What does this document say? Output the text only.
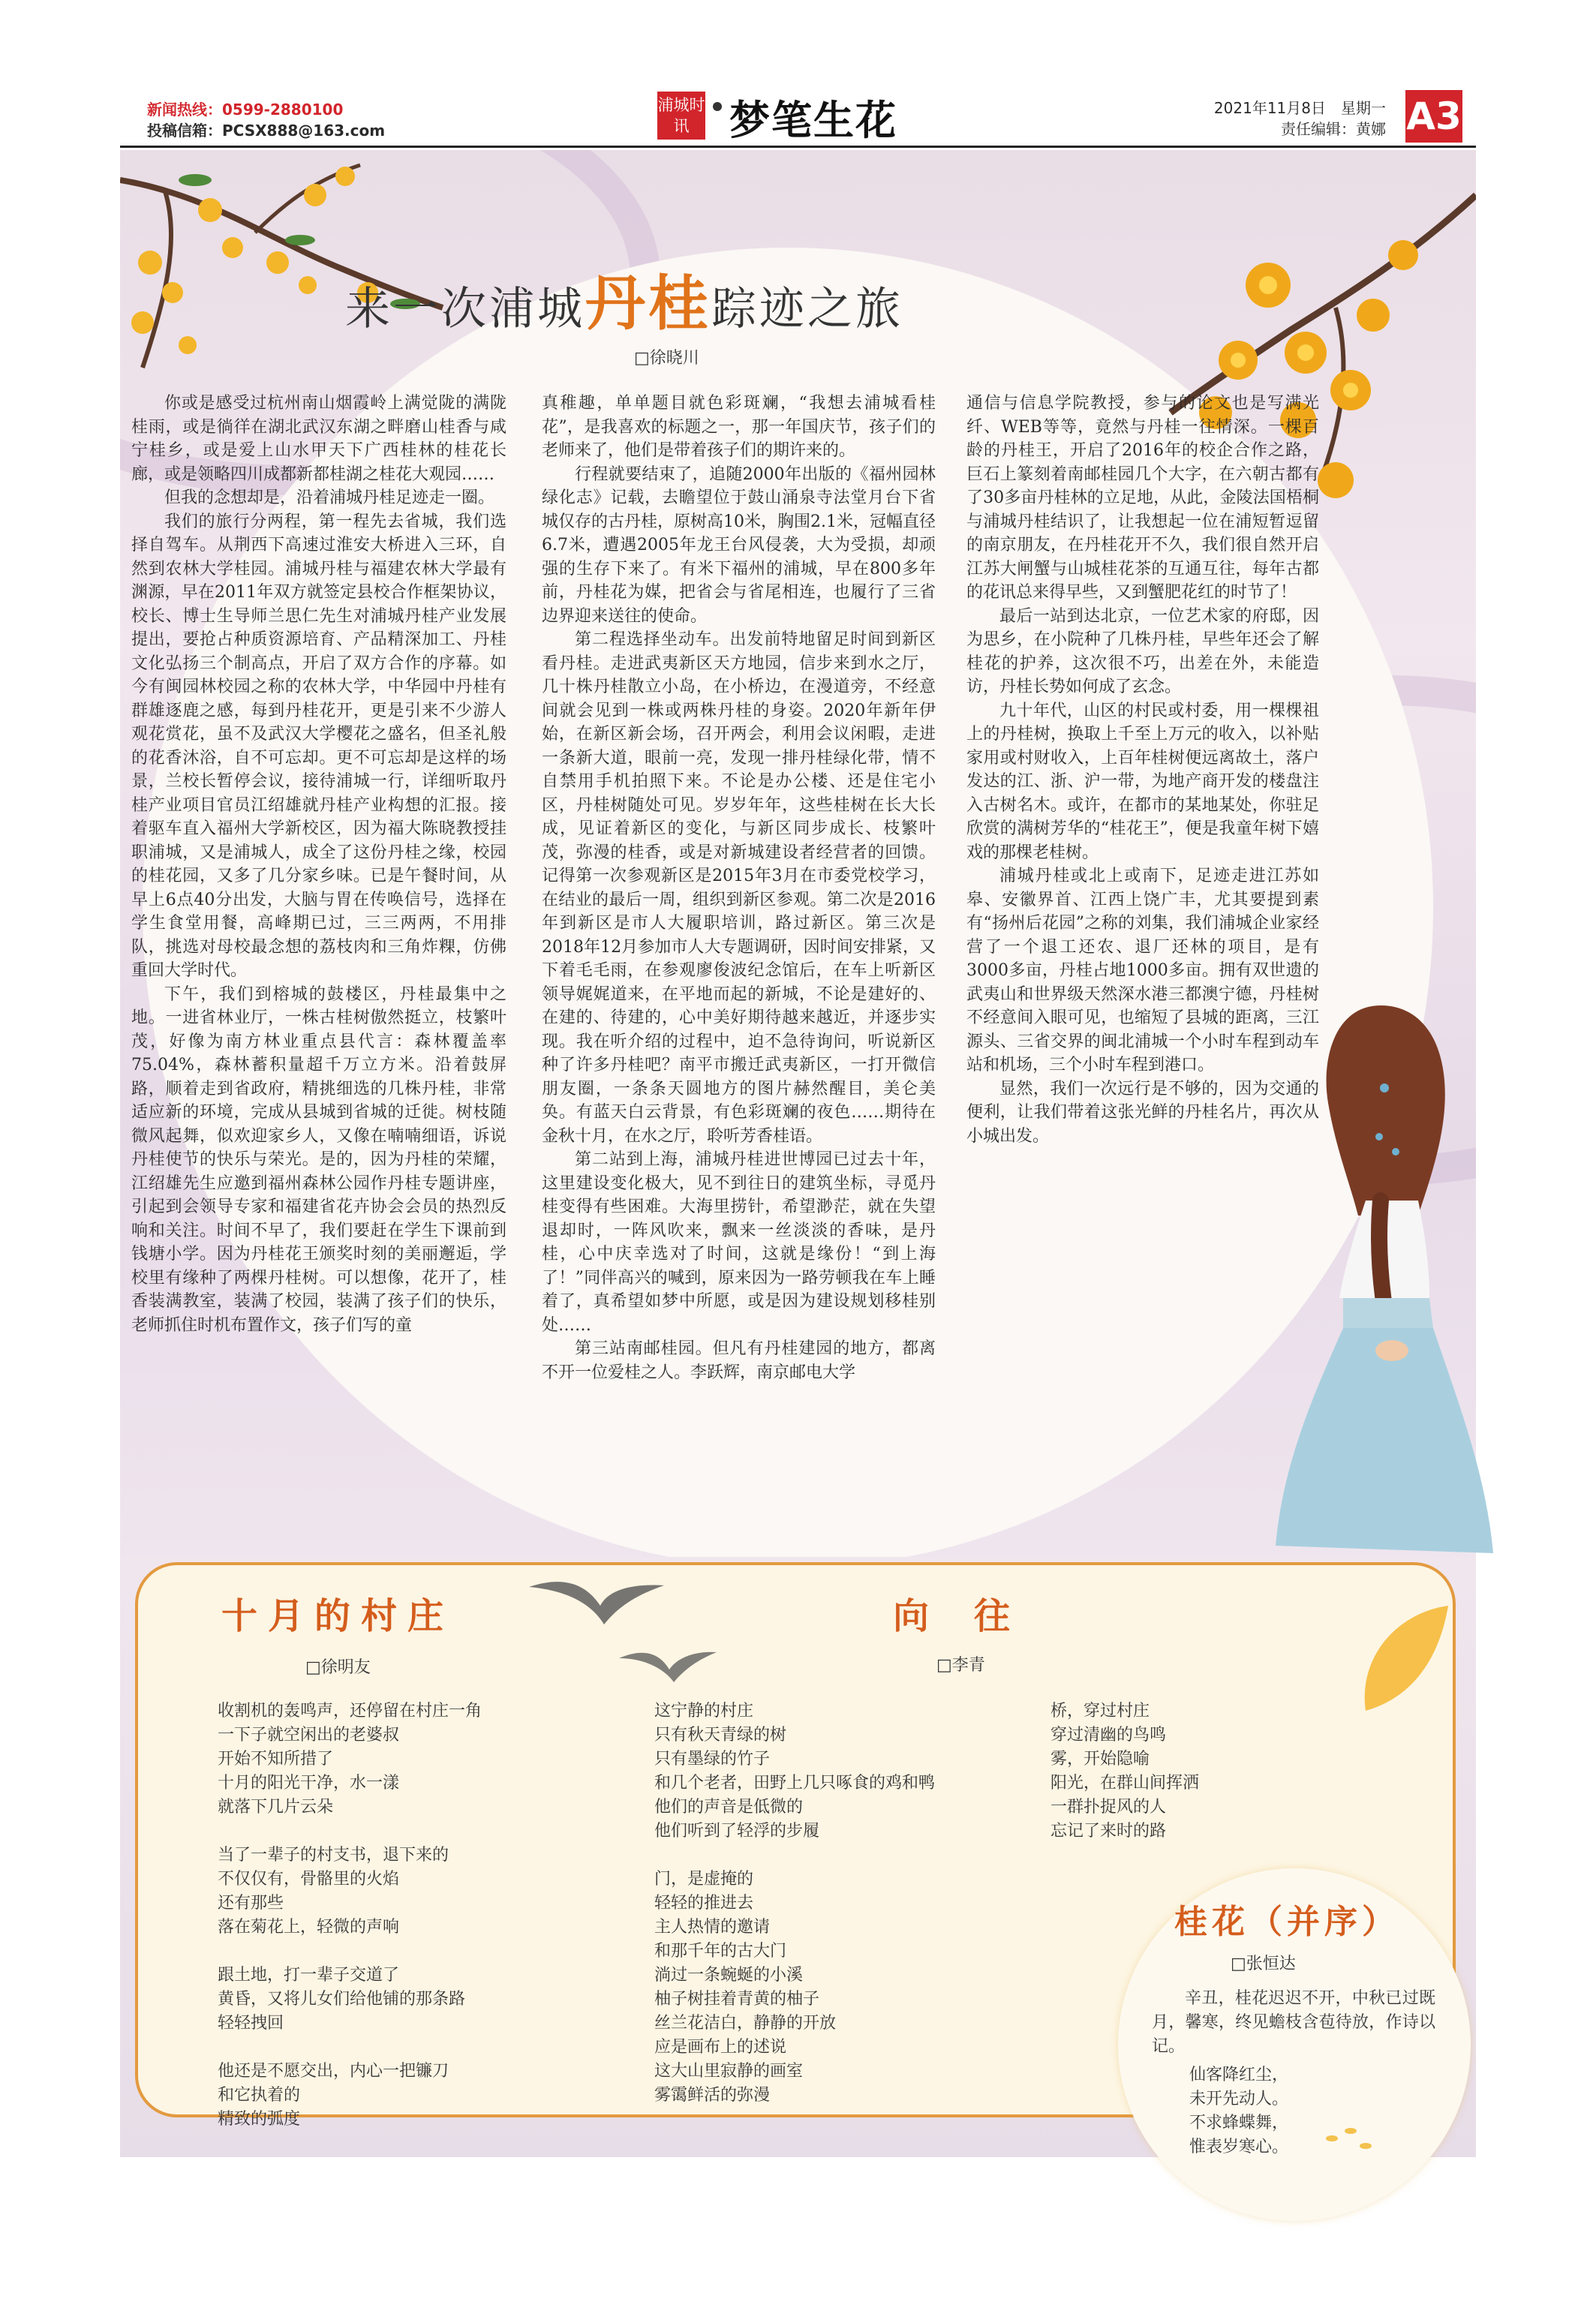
新闻热线：0599-2880100
投稿信箱：PCSX888@163.com
浦城时讯 梦笔生花	2021年11月8日　星期一
责任编辑：黄娜 A3
来一次浦城丹桂踪迹之旅
□徐晓川

你或是感受过杭州南山烟霞岭上满觉陇的满陇桂雨，或是徜徉在湖北武汉东湖之畔磨山桂香与咸宁桂乡，或是爱上山水甲天下广西桂林的桂花长廊，或是领略四川成都新都桂湖之桂花大观园……

但我的念想却是，沿着浦城丹桂足迹走一圈。

我们的旅行分两程，第一程先去省城，我们选择自驾车。从荆西下高速过淮安大桥进入三环，自然到农林大学桂园。浦城丹桂与福建农林大学最有渊源，早在2011年双方就签定县校合作框架协议，校长、博士生导师兰思仁先生对浦城丹桂产业发展提出，要抢占种质资源培育、产品精深加工、丹桂文化弘扬三个制高点，开启了双方合作的序幕。如今有闽园林校园之称的农林大学，中华园中丹桂有群雄逐鹿之感，每到丹桂花开，更是引来不少游人观花赏花，虽不及武汉大学樱花之盛名，但圣礼般的花香沐浴，自不可忘却。更不可忘却是这样的场景，兰校长暂停会议，接待浦城一行，详细听取丹桂产业项目官员江绍雄就丹桂产业构想的汇报。接着驱车直入福州大学新校区，因为福大陈晓教授挂职浦城，又是浦城人，成全了这份丹桂之缘，校园的桂花园，又多了几分家乡味。已是午餐时间，从早上6点40分出发，大脑与胃在传唤信号，选择在学生食堂用餐，高峰期已过，三三两两，不用排队，挑选对母校最念想的荔枝肉和三角炸粿，仿佛重回大学时代。

下午，我们到榕城的鼓楼区，丹桂最集中之地。一进省林业厅，一株古桂树傲然挺立，枝繁叶茂，好像为南方林业重点县代言：森林覆盖率75.04%，森林蓄积量超千万立方米。沿着鼓屏路，顺着走到省政府，精挑细选的几株丹桂，非常适应新的环境，完成从县城到省城的迁徙。树枝随微风起舞，似欢迎家乡人，又像在喃喃细语，诉说丹桂使节的快乐与荣光。是的，因为丹桂的荣耀，江绍雄先生应邀到福州森林公园作丹桂专题讲座，引起到会领导专家和福建省花卉协会会员的热烈反响和关注。时间不早了，我们要赶在学生下课前到钱塘小学。因为丹桂花王颁奖时刻的美丽邂逅，学校里有缘种了两棵丹桂树。可以想像，花开了，桂香装满教室，装满了校园，装满了孩子们的快乐，老师抓住时机布置作文，孩子们写的童

真稚趣，单单题目就色彩斑斓，“我想去浦城看桂花”，是我喜欢的标题之一，那一年国庆节，孩子们的老师来了，他们是带着孩子们的期许来的。

行程就要结束了，追随2000年出版的《福州园林绿化志》记载，去瞻望位于鼓山涌泉寺法堂月台下省城仅存的古丹桂，原树高10米，胸围2.1米，冠幅直径6.7米，遭遇2005年龙王台风侵袭，大为受损，却顽强的生存下来了。有米下福州的浦城，早在800多年前，丹桂花为媒，把省会与省尾相连，也履行了三省边界迎来送往的使命。

第二程选择坐动车。出发前特地留足时间到新区看丹桂。走进武夷新区天方地园，信步来到水之厅，几十株丹桂散立小岛，在小桥边，在漫道旁，不经意间就会见到一株或两株丹桂的身姿。2020年新年伊始，在新区新会场，召开两会，利用会议闲暇，走进一条新大道，眼前一亮，发现一排丹桂绿化带，情不自禁用手机拍照下来。不论是办公楼、还是住宅小区，丹桂树随处可见。岁岁年年，这些桂树在长大长成，见证着新区的变化，与新区同步成长、枝繁叶茂，弥漫的桂香，或是对新城建设者经营者的回馈。记得第一次参观新区是2015年3月在市委党校学习，在结业的最后一周，组织到新区参观。第二次是2016年到新区是市人大履职培训，路过新区。第三次是2018年12月参加市人大专题调研，因时间安排紧，又下着毛毛雨，在参观廖俊波纪念馆后，在车上听新区领导娓娓道来，在平地而起的新城，不论是建好的、在建的、待建的，心中美好期待越来越近，并逐步实现。我在听介绍的过程中，迫不急待询问，听说新区种了许多丹桂吧？南平市搬迁武夷新区，一打开微信朋友圈，一条条天圆地方的图片赫然醒目，美仑美奂。有蓝天白云背景，有色彩斑斓的夜色……期待在金秋十月，在水之厅，聆听芳香桂语。

第二站到上海，浦城丹桂进世博园已过去十年，这里建设变化极大，见不到往日的建筑坐标，寻觅丹桂变得有些困难。大海里捞针，希望渺茫，就在失望退却时，一阵风吹来，飘来一丝淡淡的香味，是丹桂，心中庆幸选对了时间，这就是缘份！“到上海了！”同伴高兴的喊到，原来因为一路劳顿我在车上睡着了，真希望如梦中所愿，或是因为建设规划移桂别处……

第三站南邮桂园。但凡有丹桂建园的地方，都离不开一位爱桂之人。李跃辉，南京邮电大学

通信与信息学院教授，参与的论文也是写满光纤、WEB等等，竟然与丹桂一往情深。一棵百龄的丹桂王，开启了2016年的校企合作之路，巨石上篆刻着南邮桂园几个大字，在六朝古都有了30多亩丹桂林的立足地，从此，金陵法国梧桐与浦城丹桂结识了，让我想起一位在浦短暂逗留的南京朋友，在丹桂花开不久，我们很自然开启江苏大闸蟹与山城桂花茶的互通互往，每年古都的花讯总来得早些，又到蟹肥花红的时节了！

最后一站到达北京，一位艺术家的府邸，因为思乡，在小院种了几株丹桂，早些年还会了解桂花的护养，这次很不巧，出差在外，未能造访，丹桂长势如何成了玄念。

九十年代，山区的村民或村委，用一棵棵祖上的丹桂树，换取上千至上万元的收入，以补贴家用或村财收入，上百年桂树便远离故土，落户发达的江、浙、沪一带，为地产商开发的楼盘注入古树名木。或许，在都市的某地某处，你驻足欣赏的满树芳华的“桂花王”，便是我童年树下嬉戏的那棵老桂树。

浦城丹桂或北上或南下，足迹走进江苏如皋、安徽界首、江西上饶广丰，尤其要提到素有“扬州后花园”之称的刘集，我们浦城企业家经营了一个退工还农、退厂还林的项目，是有3000多亩，丹桂占地1000多亩。拥有双世遗的武夷山和世界级天然深水港三都澳宁德，丹桂树不经意间入眼可见，也缩短了县城的距离，三江源头、三省交界的闽北浦城一个小时车程到动车站和机场，三个小时车程到港口。

显然，我们一次远行是不够的，因为交通的便利，让我们带着这张光鲜的丹桂名片，再次从小城出发。

十月的村庄
□徐明友
收割机的轰鸣声，还停留在村庄一角
一下子就空闲出的老婆叔
开始不知所措了
十月的阳光干净，水一漾
就落下几片云朵

当了一辈子的村支书，退下来的
不仅仅有，骨骼里的火焰
还有那些
落在菊花上，轻微的声响

跟土地，打一辈子交道了
黄昏，又将儿女们给他铺的那条路
轻轻拽回

他还是不愿交出，内心一把镰刀
和它执着的
精致的弧度
向往
□李青
这宁静的村庄
只有秋天青绿的树
只有墨绿的竹子
和几个老者，田野上几只啄食的鸡和鸭
他们的声音是低微的
他们听到了轻浮的步履

门，是虚掩的
轻轻的推进去
主人热情的邀请
和那千年的古大门
淌过一条蜿蜒的小溪
柚子树挂着青黄的柚子
丝兰花洁白，静静的开放
应是画布上的述说
这大山里寂静的画室
雾霭鲜活的弥漫
桥，穿过村庄
穿过清幽的鸟鸣
雾，开始隐喻
阳光，在群山间挥洒
一群扑捉风的人
忘记了来时的路
桂花（并序）
□张恒达
辛丑，桂花迟迟不开，中秋已过既月，馨寒，终见蟾枝含苞待放，作诗以记。
仙客降红尘，
未开先动人。
不求蜂蝶舞，
惟表岁寒心。
